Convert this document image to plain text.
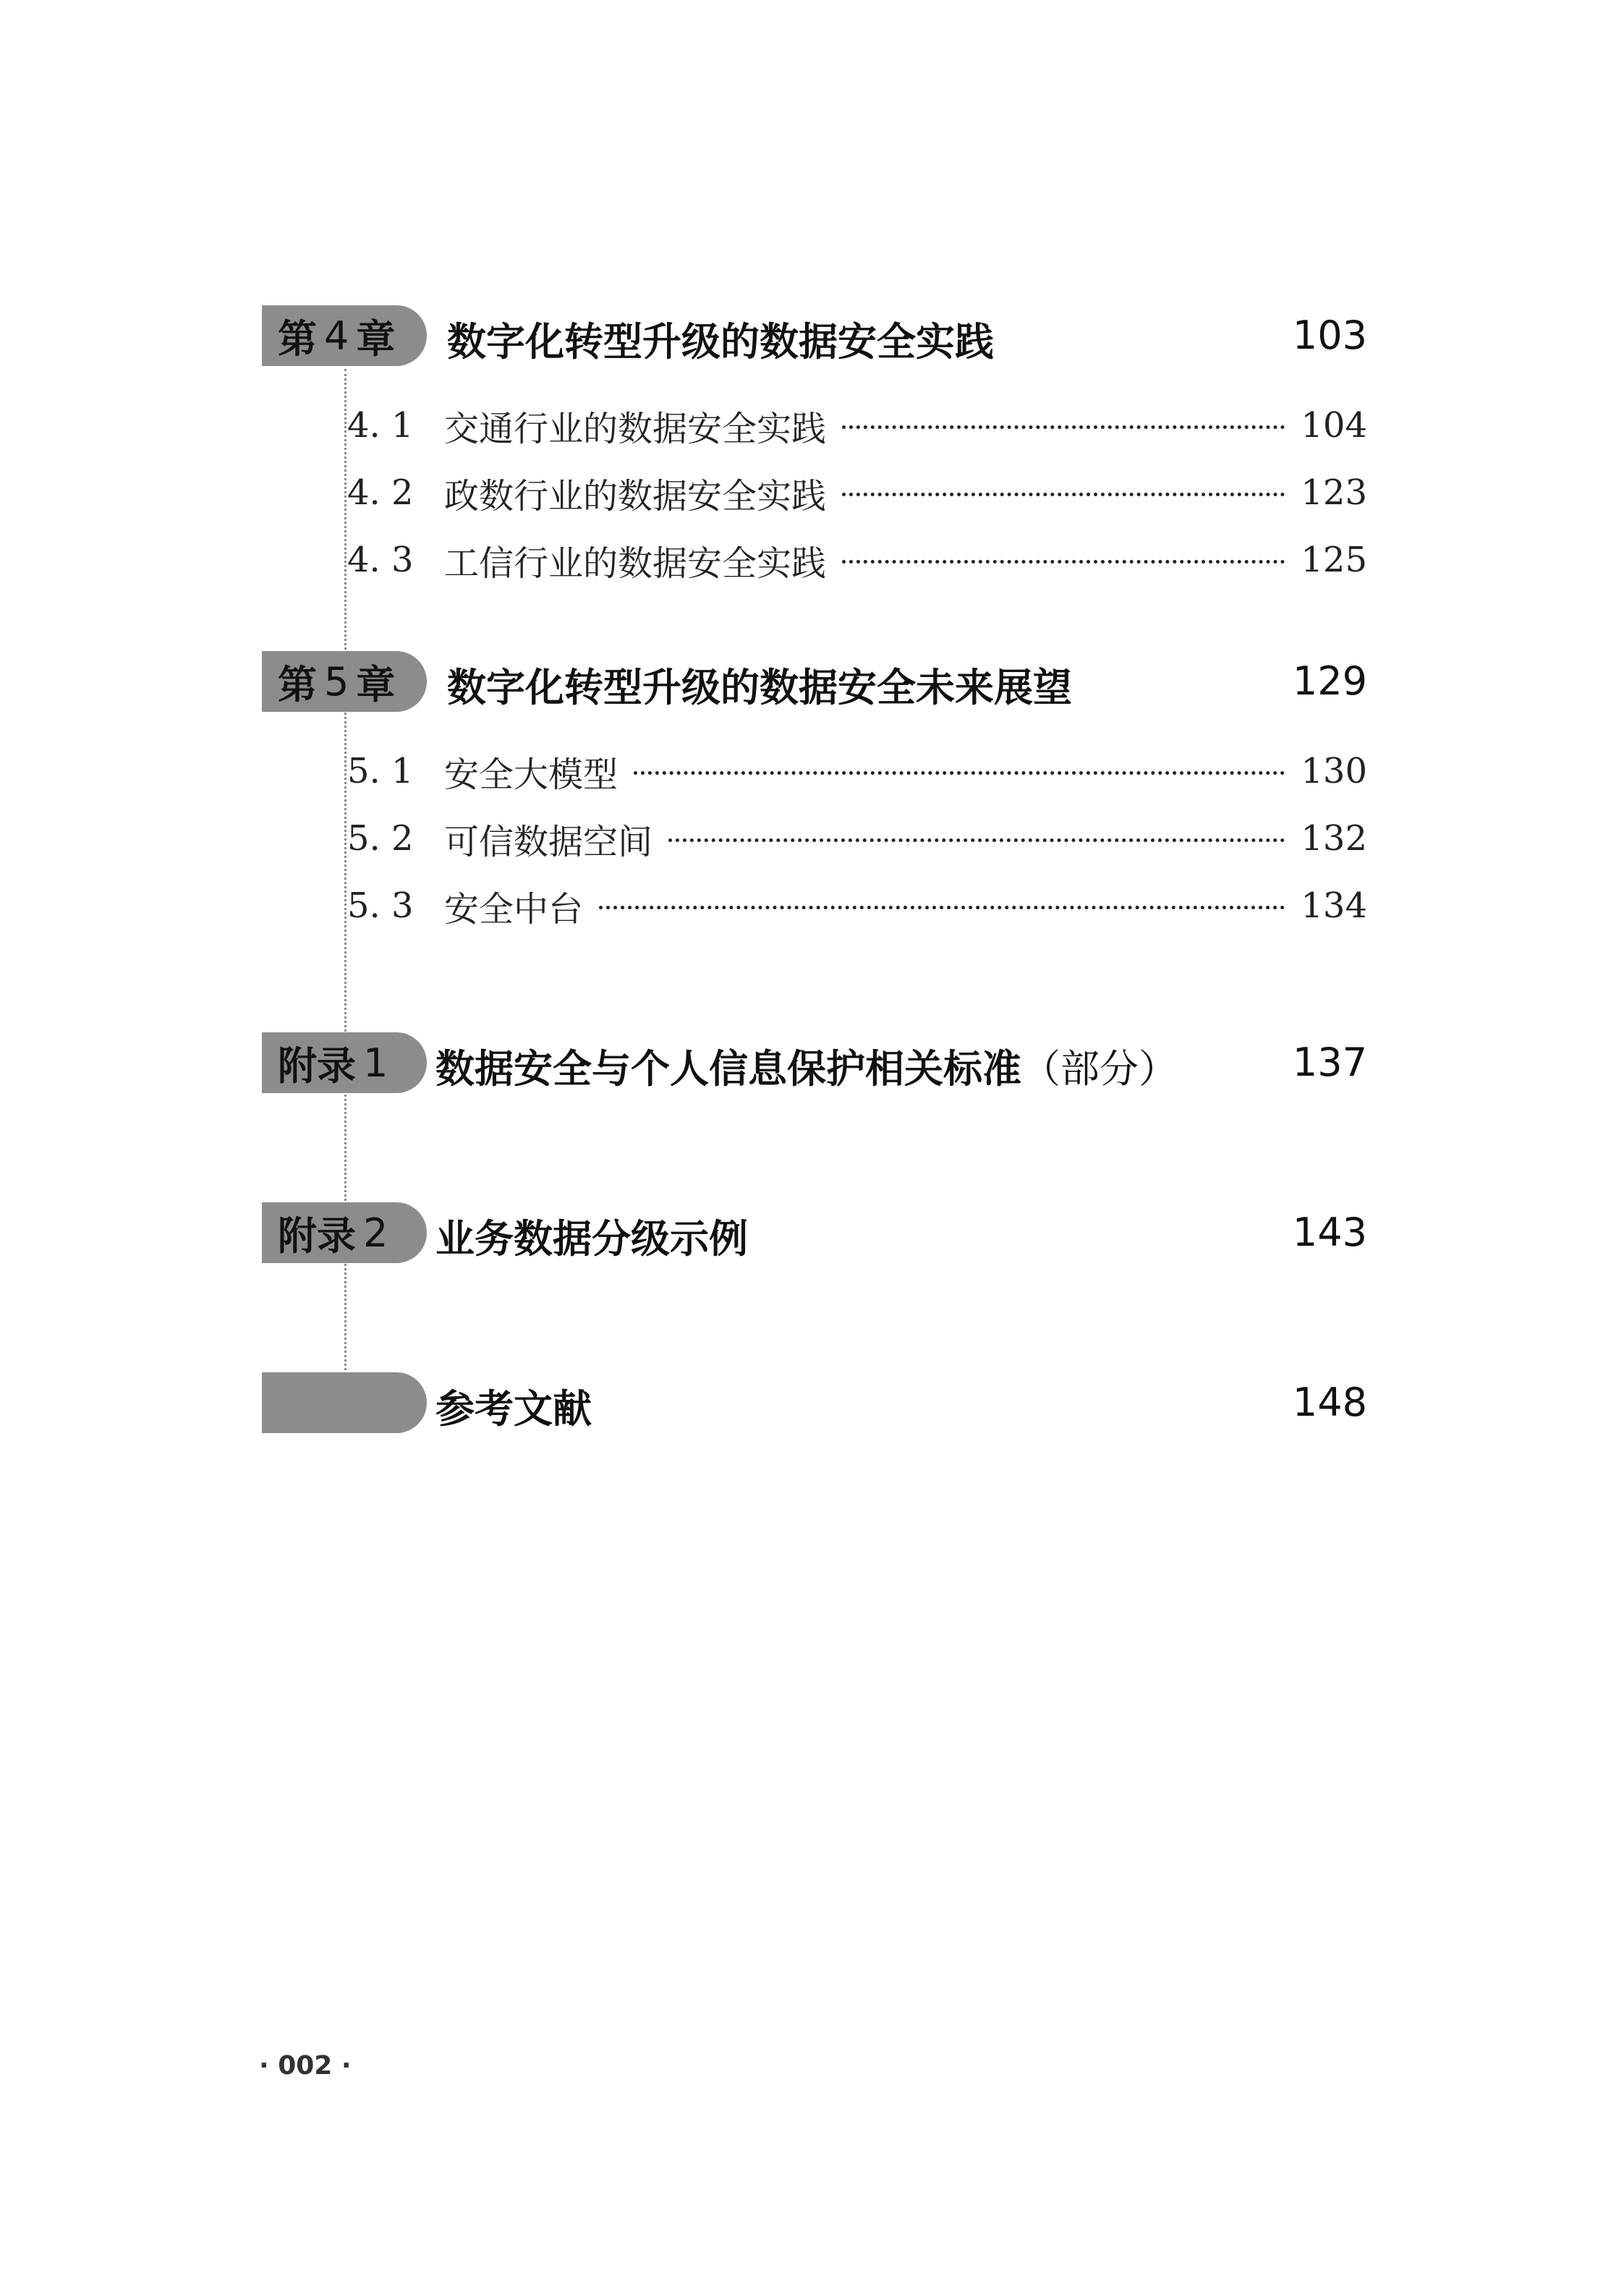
第 4 章 数字化转型升级的数据安全实践	103
4. 1 交通行业的数据安全实践	104
4. 2 政数行业的数据安全实践	123
4. 3 工信行业的数据安全实践	125
第 5 章 数字化转型升级的数据安全未来展望	129
5. 1 安全大模型	130
5. 2 可信数据空间	132
5. 3 安全中台	134
附录 1 数据安全与个人信息保护相关标准（部分）	137
附录 2 业务数据分级示例	143
参考文献	148
· 002 ·
